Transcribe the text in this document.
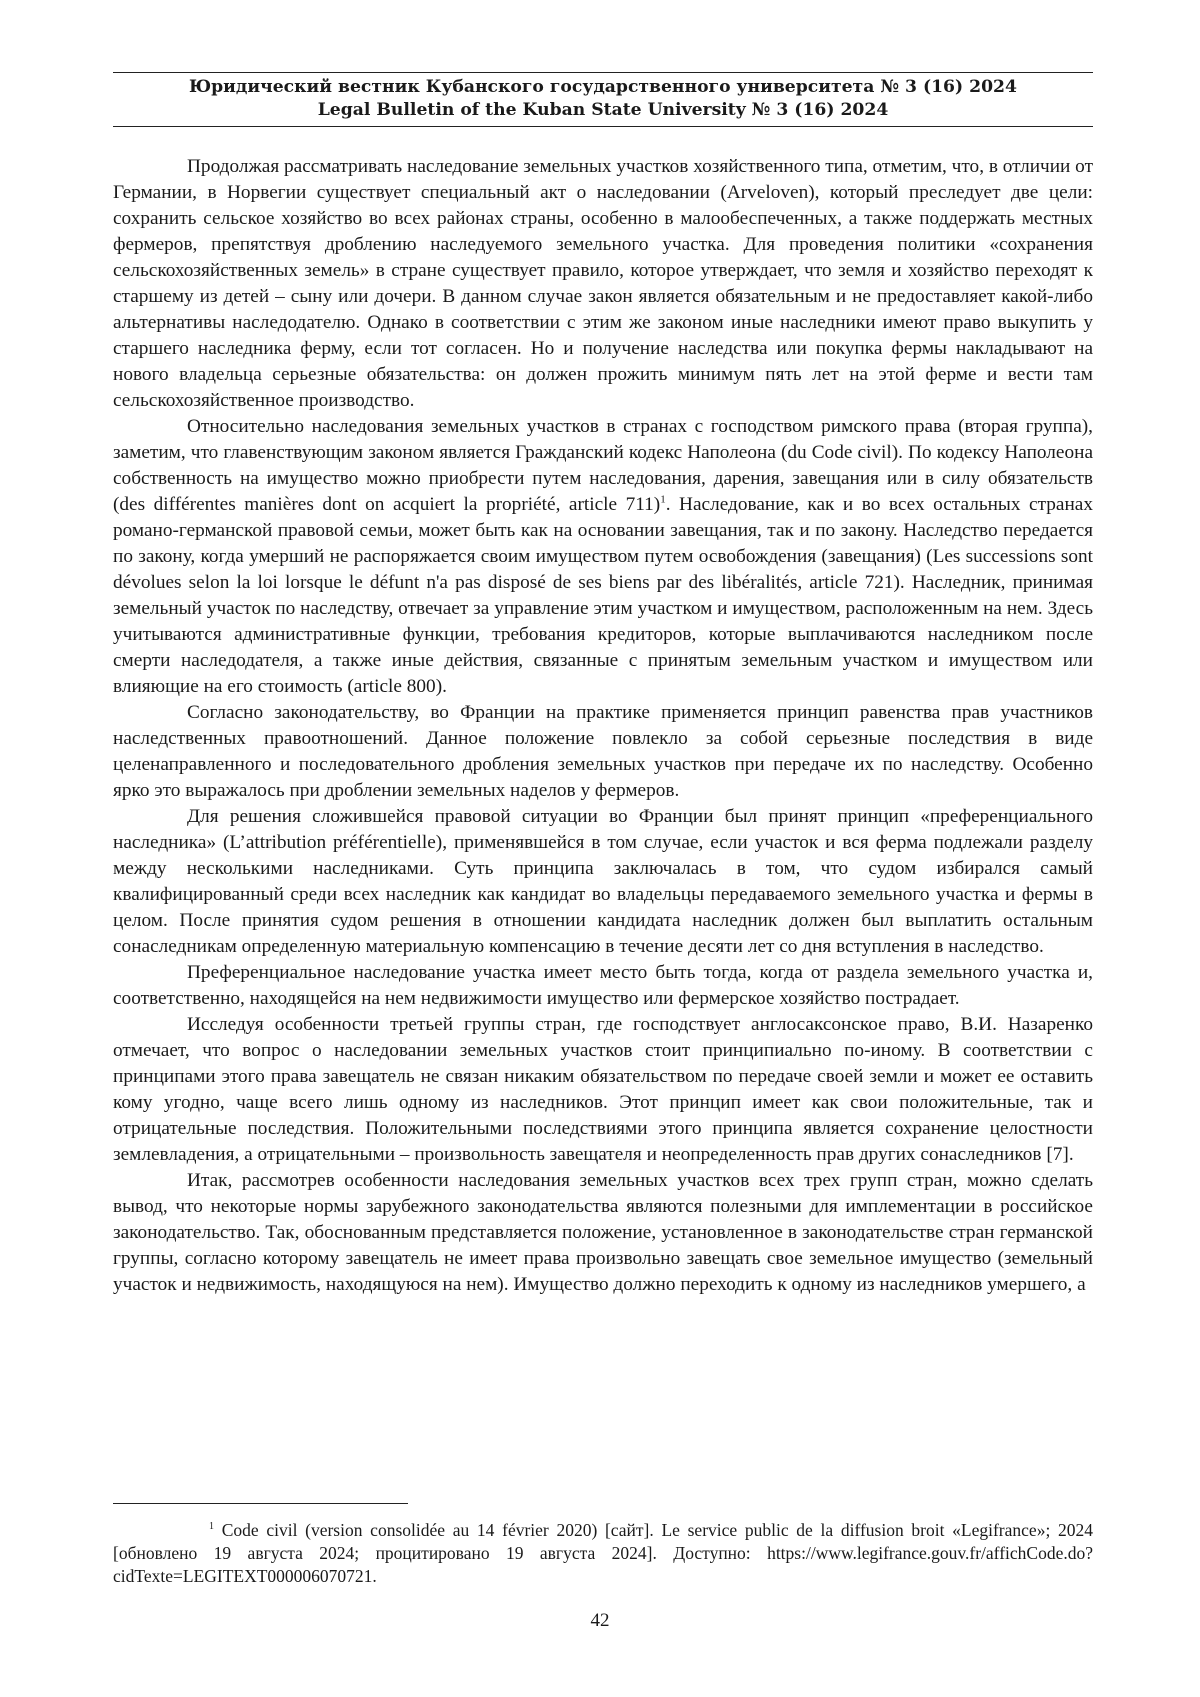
Юридический вестник Кубанского государственного университета № 3 (16) 2024
Legal Bulletin of the Kuban State University № 3 (16) 2024

Продолжая рассматривать наследование земельных участков хозяйственного типа, отметим, что, в отличии от Германии, в Норвегии существует специальный акт о наследовании (Arveloven), который преследует две цели: сохранить сельское хозяйство во всех районах страны, особенно в малообеспеченных, а также поддержать местных фермеров, препятствуя дроблению наследуемого земельного участка. Для проведения политики «сохранения сельскохозяйственных земель» в стране существует правило, которое утверждает, что земля и хозяйство переходят к старшему из детей – сыну или дочери. В данном случае закон является обязательным и не предоставляет какой-либо альтернативы наследодателю. Однако в соответствии с этим же законом иные наследники имеют право выкупить у старшего наследника ферму, если тот согласен. Но и получение наследства или покупка фермы накладывают на нового владельца серьезные обязательства: он должен прожить минимум пять лет на этой ферме и вести там сельскохозяйственное производство.

Относительно наследования земельных участков в странах с господством римского права (вторая группа), заметим, что главенствующим законом является Гражданский кодекс Наполеона (du Code civil). По кодексу Наполеона собственность на имущество можно приобрести путем наследования, дарения, завещания или в силу обязательств (des différentes manières dont on acquiert la propriété, article 711)$^1$. Наследование, как и во всех остальных странах романо-германской правовой семьи, может быть как на основании завещания, так и по закону. Наследство передается по закону, когда умерший не распоряжается своим имуществом путем освобождения (завещания) (Les successions sont dévolues selon la loi lorsque le défunt n'a pas disposé de ses biens par des libéralités, article 721). Наследник, принимая земельный участок по наследству, отвечает за управление этим участком и имуществом, расположенным на нем. Здесь учитываются административные функции, требования кредиторов, которые выплачиваются наследником после смерти наследодателя, а также иные действия, связанные с принятым земельным участком и имуществом или влияющие на его стоимость (article 800).

Согласно законодательству, во Франции на практике применяется принцип равенства прав участников наследственных правоотношений. Данное положение повлекло за собой серьезные последствия в виде целенаправленного и последовательного дробления земельных участков при передаче их по наследству. Особенно ярко это выражалось при дроблении земельных наделов у фермеров.

Для решения сложившейся правовой ситуации во Франции был принят принцип «преференциального наследника» (L’attribution préférentielle), применявшейся в том случае, если участок и вся ферма подлежали разделу между несколькими наследниками. Суть принципа заключалась в том, что судом избирался самый квалифицированный среди всех наследник как кандидат во владельцы передаваемого земельного участка и фермы в целом. После принятия судом решения в отношении кандидата наследник должен был выплатить остальным сонаследникам определенную материальную компенсацию в течение десяти лет со дня вступления в наследство.

Преференциальное наследование участка имеет место быть тогда, когда от раздела земельного участка и, соответственно, находящейся на нем недвижимости имущество или фермерское хозяйство пострадает.

Исследуя особенности третьей группы стран, где господствует англосаксонское право, В.И. Назаренко отмечает, что вопрос о наследовании земельных участков стоит принципиально по-иному. В соответствии с принципами этого права завещатель не связан никаким обязательством по передаче своей земли и может ее оставить кому угодно, чаще всего лишь одному из наследников. Этот принцип имеет как свои положительные, так и отрицательные последствия. Положительными последствиями этого принципа является сохранение целостности землевладения, а отрицательными – произвольность завещателя и неопределенность прав других сонаследников [7].

Итак, рассмотрев особенности наследования земельных участков всех трех групп стран, можно сделать вывод, что некоторые нормы зарубежного законодательства являются полезными для имплементации в российское законодательство. Так, обоснованным представляется положение, установленное в законодательстве стран германской группы, согласно которому завещатель не имеет права произвольно завещать свое земельное имущество (земельный участок и недвижимость, находящуюся на нем). Имущество должно переходить к одному из наследников умершего, а

$^1$ Code civil (version consolidée au 14 février 2020) [сайт]. Le service public de la diffusion broit «Legifrance»; 2024 [обновлено 19 августа 2024; процитировано 19 августа 2024]. Доступно: https://www.legifrance.gouv.fr/affichCode.do?cidTexte=LEGITEXT000006070721.
42
